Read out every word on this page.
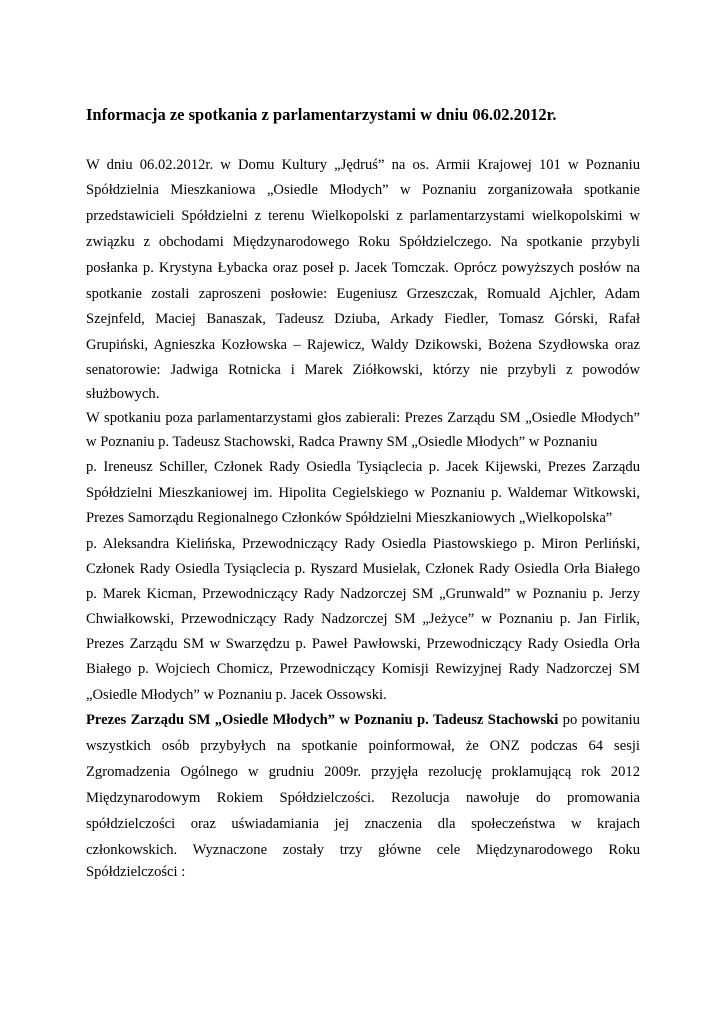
Informacja ze spotkania z parlamentarzystami w dniu 06.02.2012r.
W dniu 06.02.2012r. w Domu Kultury „Jędruś” na os. Armii Krajowej 101 w Poznaniu
Spółdzielnia Mieszkaniowa „Osiedle Młodych” w Poznaniu zorganizowała spotkanie
przedstawicieli Spółdzielni z terenu Wielkopolski z parlamentarzystami wielkopolskimi w
związku z obchodami Międzynarodowego Roku Spółdzielczego. Na spotkanie przybyli
posłanka p. Krystyna Łybacka oraz poseł p. Jacek Tomczak. Oprócz powyższych posłów na
spotkanie zostali zaproszeni posłowie: Eugeniusz Grzeszczak, Romuald Ajchler, Adam
Szejnfeld, Maciej Banaszak, Tadeusz Dziuba, Arkady Fiedler, Tomasz Górski, Rafał
Grupiński, Agnieszka Kozłowska – Rajewicz, Waldy Dzikowski, Bożena Szydłowska oraz
senatorowie: Jadwiga Rotnicka i Marek Ziółkowski, którzy nie przybyli z powodów
służbowych.
W spotkaniu poza parlamentarzystami głos zabierali: Prezes Zarządu SM „Osiedle Młodych”
w Poznaniu p. Tadeusz Stachowski, Radca Prawny SM „Osiedle Młodych” w Poznaniu
p. Ireneusz Schiller, Członek Rady Osiedla Tysiąclecia p. Jacek Kijewski, Prezes Zarządu
Spółdzielni Mieszkaniowej im. Hipolita Cegielskiego w Poznaniu p. Waldemar Witkowski,
Prezes Samorządu Regionalnego Członków Spółdzielni Mieszkaniowych „Wielkopolska”
p. Aleksandra Kielińska, Przewodniczący Rady Osiedla Piastowskiego p. Miron Perliński,
Członek Rady Osiedla Tysiąclecia p. Ryszard Musielak, Członek Rady Osiedla Orła Białego
p. Marek Kicman, Przewodniczący Rady Nadzorczej SM „Grunwald” w Poznaniu p. Jerzy
Chwiałkowski, Przewodniczący Rady Nadzorczej SM „Jeżyce” w Poznaniu p. Jan Firlik,
Prezes Zarządu SM w Swarzędzu p. Paweł Pawłowski, Przewodniczący Rady Osiedla Orła
Białego p. Wojciech Chomicz, Przewodniczący Komisji Rewizyjnej Rady Nadzorczej SM
„Osiedle Młodych” w Poznaniu p. Jacek Ossowski.
Prezes Zarządu SM „Osiedle Młodych” w Poznaniu p. Tadeusz Stachowski po powitaniu
wszystkich osób przybyłych na spotkanie poinformował, że ONZ podczas 64 sesji
Zgromadzenia Ogólnego w grudniu 2009r. przyjęła rezolucję proklamującą rok 2012
Międzynarodowym Rokiem Spółdzielczości. Rezolucja nawołuje do promowania
spółdzielczości oraz uświadamiania jej znaczenia dla społeczeństwa w krajach
członkowskich. Wyznaczone zostały trzy główne cele Międzynarodowego Roku
Spółdzielczości :
